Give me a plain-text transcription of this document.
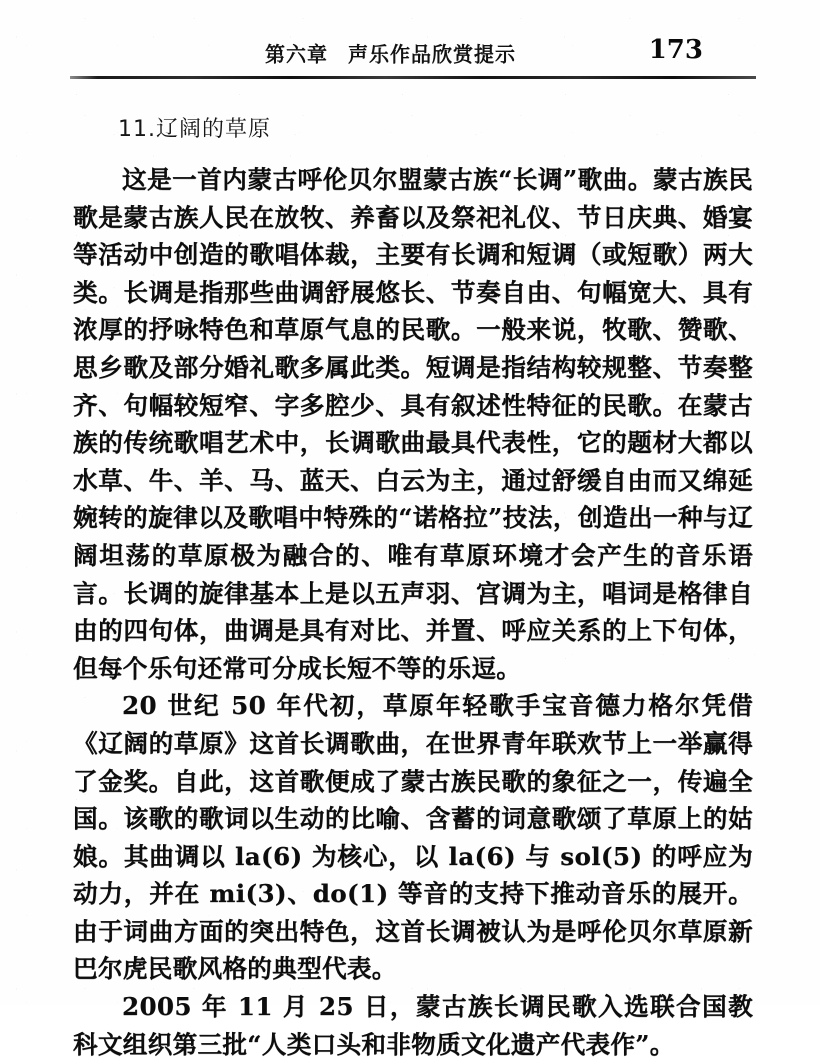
第六章 声乐作品欣赏提示	173
11.辽阔的草原

这是一首内蒙古呼伦贝尔盟蒙古族“长调”歌曲。蒙古族民歌是蒙古族人民在放牧、养畜以及祭祀礼仪、节日庆典、婚宴等活动中创造的歌唱体裁，主要有长调和短调（或短歌）两大类。长调是指那些曲调舒展悠长、节奏自由、句幅宽大、具有浓厚的抒咏特色和草原气息的民歌。一般来说，牧歌、赞歌、思乡歌及部分婚礼歌多属此类。短调是指结构较规整、节奏整齐、句幅较短窄、字多腔少、具有叙述性特征的民歌。在蒙古族的传统歌唱艺术中，长调歌曲最具代表性，它的题材大都以水草、牛、羊、马、蓝天、白云为主，通过舒缓自由而又绵延婉转的旋律以及歌唱中特殊的“诺格拉”技法，创造出一种与辽阔坦荡的草原极为融合的、唯有草原环境才会产生的音乐语言。长调的旋律基本上是以五声羽、宫调为主，唱词是格律自由的四句体，曲调是具有对比、并置、呼应关系的上下句体，但每个乐句还常可分成长短不等的乐逗。

20 世纪 50 年代初，草原年轻歌手宝音德力格尔凭借《辽阔的草原》这首长调歌曲，在世界青年联欢节上一举赢得了金奖。自此，这首歌便成了蒙古族民歌的象征之一，传遍全国。该歌的歌词以生动的比喻、含蓄的词意歌颂了草原上的姑娘。其曲调以 la(6) 为核心，以 la(6) 与 sol(5) 的呼应为动力，并在 mi(3)、do(1) 等音的支持下推动音乐的展开。由于词曲方面的突出特色，这首长调被认为是呼伦贝尔草原新巴尔虎民歌风格的典型代表。

2005 年 11 月 25 日，蒙古族长调民歌入选联合国教科文组织第三批“人类口头和非物质文化遗产代表作”。
